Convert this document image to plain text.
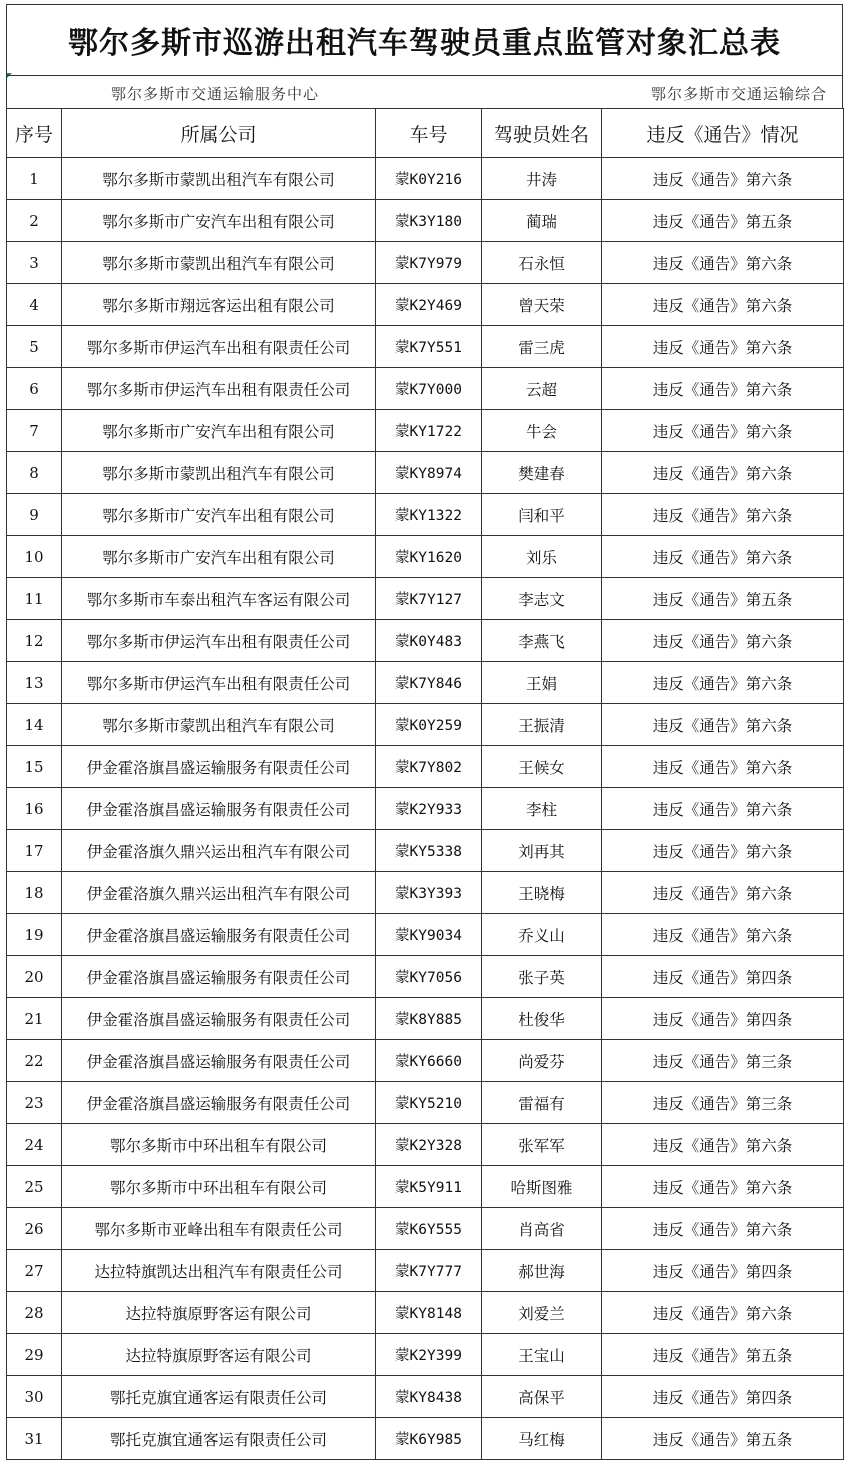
鄂尔多斯市巡游出租汽车驾驶员重点监管对象汇总表
鄂尔多斯市交通运输服务中心	鄂尔多斯市交通运输综合
序号	所属公司	车号	驾驶员姓名	违反《通告》情况
1	鄂尔多斯市蒙凯出租汽车有限公司	蒙K0Y216	井涛	违反《通告》第六条
2	鄂尔多斯市广安汽车出租有限公司	蒙K3Y180	蔺瑞	违反《通告》第五条
3	鄂尔多斯市蒙凯出租汽车有限公司	蒙K7Y979	石永恒	违反《通告》第六条
4	鄂尔多斯市翔远客运出租有限公司	蒙K2Y469	曾天荣	违反《通告》第六条
5	鄂尔多斯市伊运汽车出租有限责任公司	蒙K7Y551	雷三虎	违反《通告》第六条
6	鄂尔多斯市伊运汽车出租有限责任公司	蒙K7Y000	云超	违反《通告》第六条
7	鄂尔多斯市广安汽车出租有限公司	蒙KY1722	牛会	违反《通告》第六条
8	鄂尔多斯市蒙凯出租汽车有限公司	蒙KY8974	樊建春	违反《通告》第六条
9	鄂尔多斯市广安汽车出租有限公司	蒙KY1322	闫和平	违反《通告》第六条
10	鄂尔多斯市广安汽车出租有限公司	蒙KY1620	刘乐	违反《通告》第六条
11	鄂尔多斯市车泰出租汽车客运有限公司	蒙K7Y127	李志文	违反《通告》第五条
12	鄂尔多斯市伊运汽车出租有限责任公司	蒙K0Y483	李燕飞	违反《通告》第六条
13	鄂尔多斯市伊运汽车出租有限责任公司	蒙K7Y846	王娟	违反《通告》第六条
14	鄂尔多斯市蒙凯出租汽车有限公司	蒙K0Y259	王振清	违反《通告》第六条
15	伊金霍洛旗昌盛运输服务有限责任公司	蒙K7Y802	王候女	违反《通告》第六条
16	伊金霍洛旗昌盛运输服务有限责任公司	蒙K2Y933	李柱	违反《通告》第六条
17	伊金霍洛旗久鼎兴运出租汽车有限公司	蒙KY5338	刘再其	违反《通告》第六条
18	伊金霍洛旗久鼎兴运出租汽车有限公司	蒙K3Y393	王晓梅	违反《通告》第六条
19	伊金霍洛旗昌盛运输服务有限责任公司	蒙KY9034	乔义山	违反《通告》第六条
20	伊金霍洛旗昌盛运输服务有限责任公司	蒙KY7056	张子英	违反《通告》第四条
21	伊金霍洛旗昌盛运输服务有限责任公司	蒙K8Y885	杜俊华	违反《通告》第四条
22	伊金霍洛旗昌盛运输服务有限责任公司	蒙KY6660	尚爱芬	违反《通告》第三条
23	伊金霍洛旗昌盛运输服务有限责任公司	蒙KY5210	雷福有	违反《通告》第三条
24	鄂尔多斯市中环出租车有限公司	蒙K2Y328	张军军	违反《通告》第六条
25	鄂尔多斯市中环出租车有限公司	蒙K5Y911	哈斯图雅	违反《通告》第六条
26	鄂尔多斯市亚峰出租车有限责任公司	蒙K6Y555	肖高省	违反《通告》第六条
27	达拉特旗凯达出租汽车有限责任公司	蒙K7Y777	郝世海	违反《通告》第四条
28	达拉特旗原野客运有限公司	蒙KY8148	刘爱兰	违反《通告》第六条
29	达拉特旗原野客运有限公司	蒙K2Y399	王宝山	违反《通告》第五条
30	鄂托克旗宜通客运有限责任公司	蒙KY8438	高保平	违反《通告》第四条
31	鄂托克旗宜通客运有限责任公司	蒙K6Y985	马红梅	违反《通告》第五条
